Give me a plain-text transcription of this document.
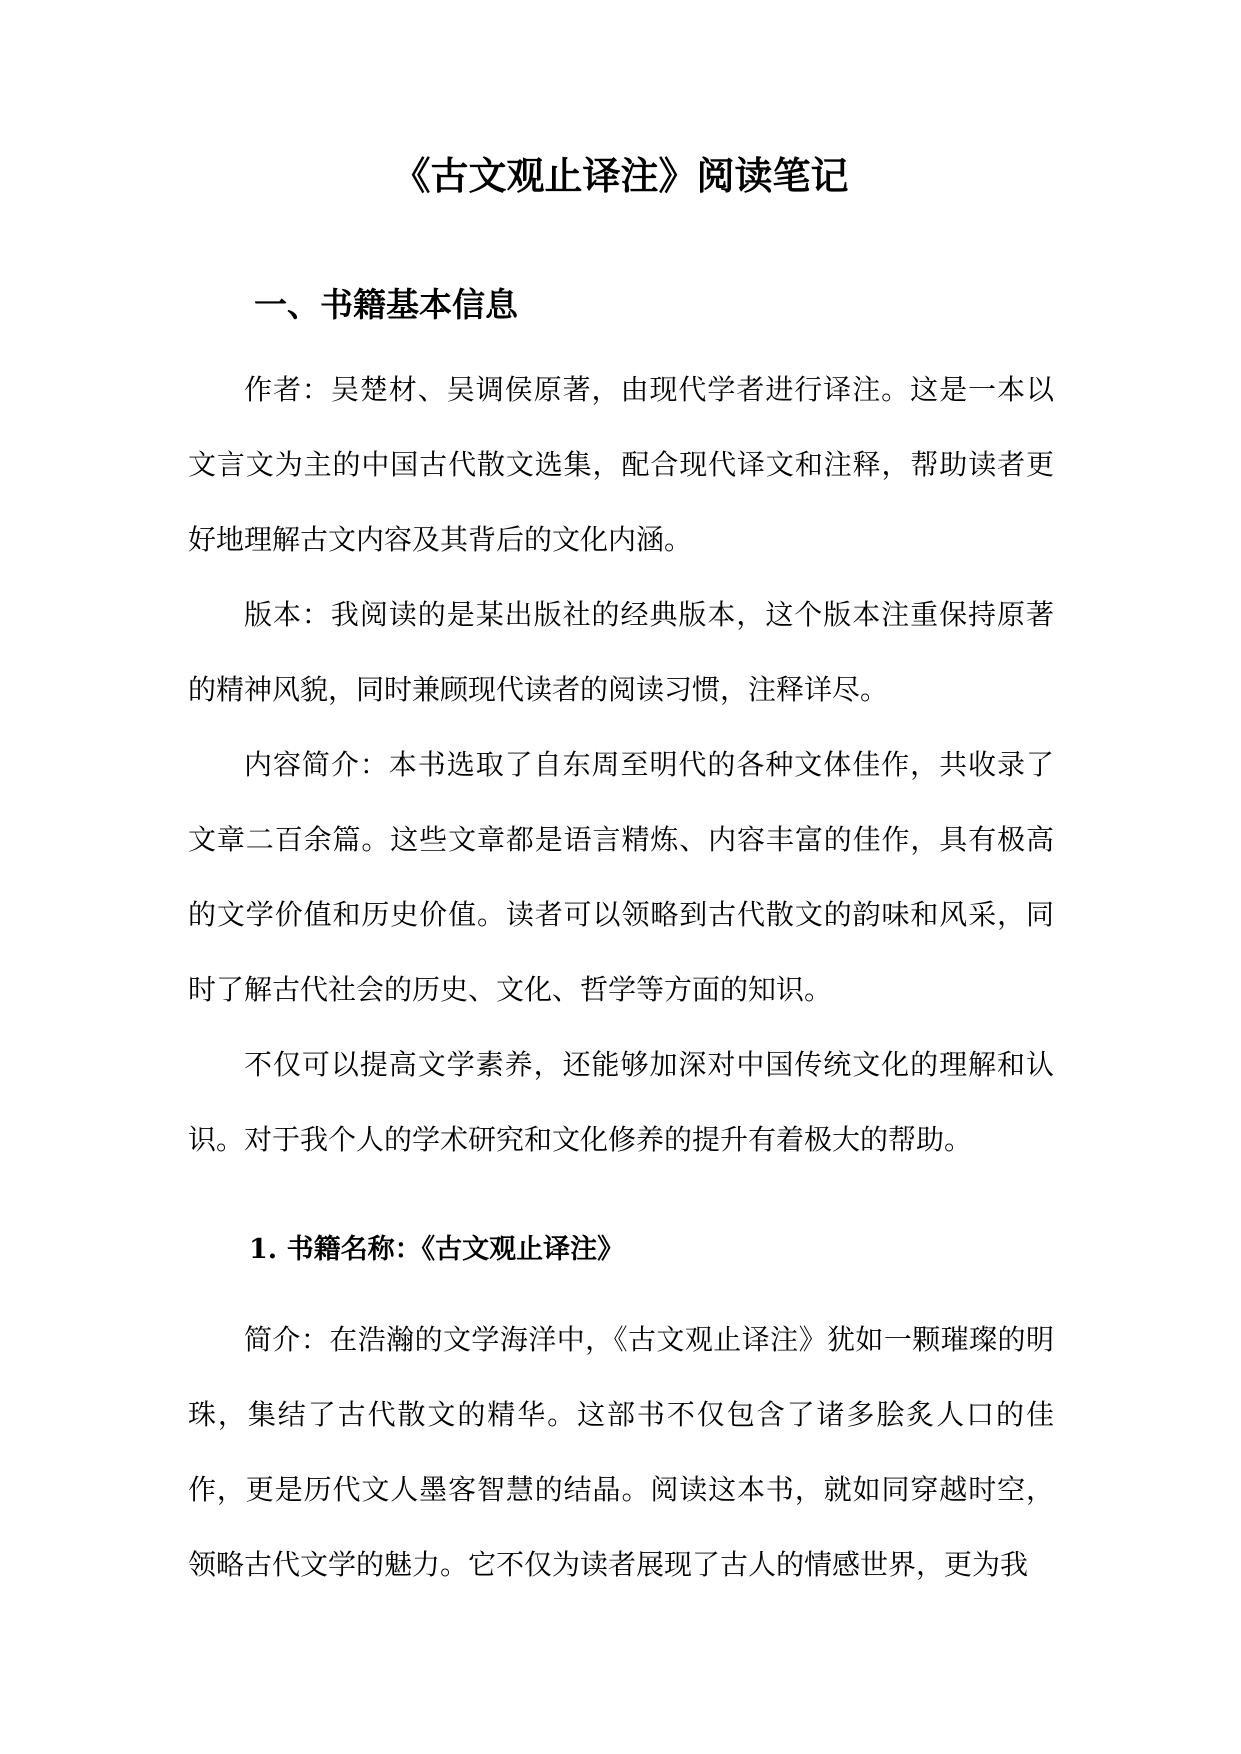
《古文观止译注》阅读笔记
一、书籍基本信息

作者：吴楚材、吴调侯原著，由现代学者进行译注。这是一本以文言文为主的中国古代散文选集，配合现代译文和注释，帮助读者更好地理解古文内容及其背后的文化内涵。

版本：我阅读的是某出版社的经典版本，这个版本注重保持原著的精神风貌，同时兼顾现代读者的阅读习惯，注释详尽。

内容简介：本书选取了自东周至明代的各种文体佳作，共收录了文章二百余篇。这些文章都是语言精炼、内容丰富的佳作，具有极高的文学价值和历史价值。读者可以领略到古代散文的韵味和风采，同时了解古代社会的历史、文化、哲学等方面的知识。

不仅可以提高文学素养，还能够加深对中国传统文化的理解和认识。对于我个人的学术研究和文化修养的提升有着极大的帮助。

1. 书籍名称：《古文观止译注》

简介：在浩瀚的文学海洋中，《古文观止译注》犹如一颗璀璨的明珠，集结了古代散文的精华。这部书不仅包含了诸多脍炙人口的佳作，更是历代文人墨客智慧的结晶。阅读这本书，就如同穿越时空，领略古代文学的魅力。它不仅为读者展现了古人的情感世界，更为我
